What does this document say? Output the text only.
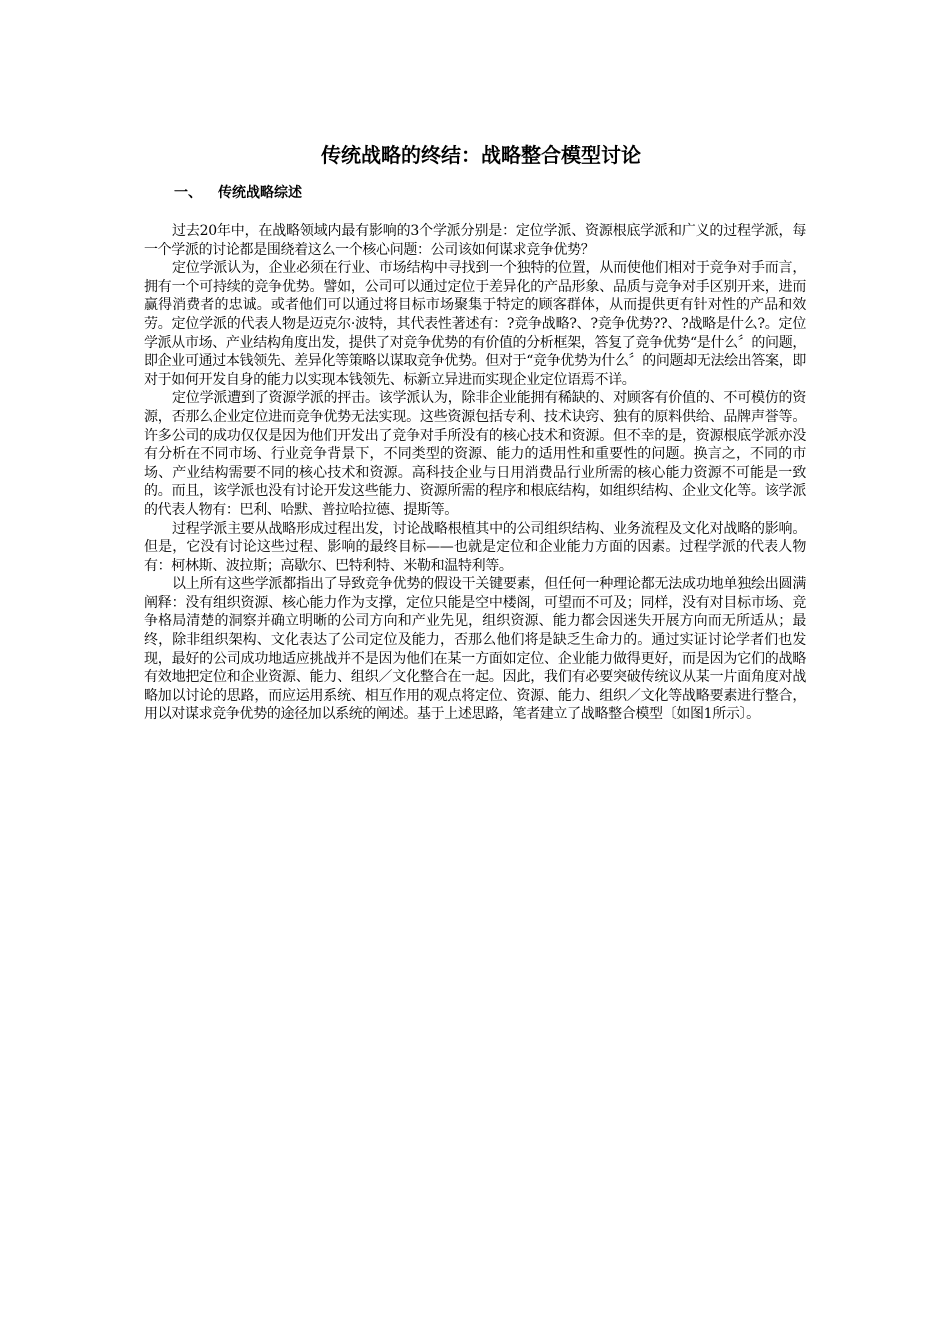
传统战略的终结：战略整合模型讨论
一、 传统战略综述

过去20年中，在战略领域内最有影响的3个学派分别是：定位学派、资源根底学派和广义的过程学派，每一个学派的讨论都是围绕着这么一个核心问题：公司该如何谋求竞争优势？

定位学派认为，企业必须在行业、市场结构中寻找到一个独特的位置，从而使他们相对于竞争对手而言，拥有一个可持续的竞争优势。譬如，公司可以通过定位于差异化的产品形象、品质与竞争对手区别开来，进而赢得消费者的忠诚。或者他们可以通过将目标市场聚集于特定的顾客群体，从而提供更有针对性的产品和效劳。定位学派的代表人物是迈克尔·波特，其代表性著述有：?竞争战略?、?竞争优势??、?战略是什么?。定位学派从市场、产业结构角度出发，提供了对竞争优势的有价值的分析框架，答复了竞争优势“是什么〞的问题，即企业可通过本钱领先、差异化等策略以谋取竞争优势。但对于“竞争优势为什么〞的问题却无法绘出答案，即对于如何开发自身的能力以实现本钱领先、标新立异进而实现企业定位语焉不详。

定位学派遭到了资源学派的抨击。该学派认为，除非企业能拥有稀缺的、对顾客有价值的、不可模仿的资源，否那么企业定位进而竞争优势无法实现。这些资源包括专利、技术诀窍、独有的原料供给、品牌声誉等。许多公司的成功仅仅是因为他们开发出了竞争对手所没有的核心技术和资源。但不幸的是，资源根底学派亦没有分析在不同市场、行业竞争背景下，不同类型的资源、能力的适用性和重要性的问题。换言之，不同的市场、产业结构需要不同的核心技术和资源。高科技企业与日用消费品行业所需的核心能力资源不可能是一致的。而且，该学派也没有讨论开发这些能力、资源所需的程序和根底结构，如组织结构、企业文化等。该学派的代表人物有：巴利、哈默、普拉哈拉德、提斯等。

过程学派主要从战略形成过程出发，讨论战略根植其中的公司组织结构、业务流程及文化对战略的影响。但是，它没有讨论这些过程、影响的最终目标——也就是定位和企业能力方面的因素。过程学派的代表人物有：柯林斯、波拉斯；高歇尔、巴特利特、米勒和温特利等。

以上所有这些学派都指出了导致竞争优势的假设干关键要素，但任何一种理论都无法成功地单独绘出圆满阐释：没有组织资源、核心能力作为支撑，定位只能是空中楼阁，可望而不可及；同样，没有对目标市场、竞争格局清楚的洞察并确立明晰的公司方向和产业先见，组织资源、能力都会因迷失开展方向而无所适从；最终，除非组织架构、文化表达了公司定位及能力，否那么他们将是缺乏生命力的。通过实证讨论学者们也发现，最好的公司成功地适应挑战并不是因为他们在某一方面如定位、企业能力做得更好，而是因为它们的战略有效地把定位和企业资源、能力、组织／文化整合在一起。因此，我们有必要突破传统议从某一片面角度对战略加以讨论的思路，而应运用系统、相互作用的观点将定位、资源、能力、组织／文化等战略要素进行整合，用以对谋求竞争优势的途径加以系统的阐述。基于上述思路，笔者建立了战略整合模型〔如图1所示〕。
